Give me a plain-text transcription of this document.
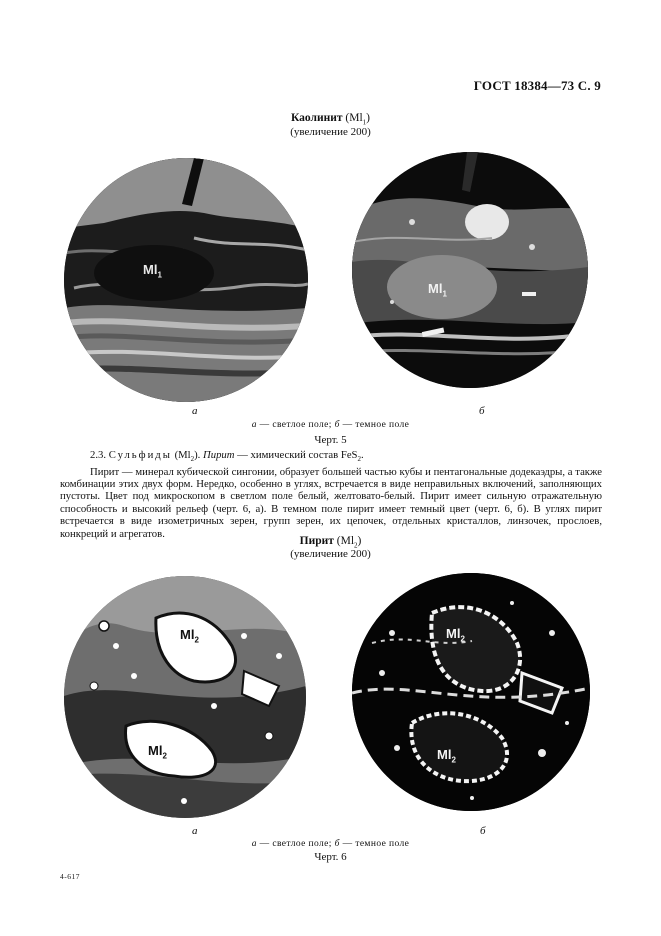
ГОСТ 18384—73 С. 9
Каолинит $(Ml_1)$
(увеличение 200)
$Ml_1$
$Ml_1$
а	б
а — светлое поле; б — темное поле
Черт. 5

2.3. Сульфиды $(Ml_2)$. Пирит — химический состав FeS$_2$.

Пирит — минерал кубической сингонии, образует большей частью кубы и пентагональные додекаэдры, а также комбинации этих двух форм. Нередко, особенно в углях, встречается в виде неправильных включений, заполняющих пустоты. Цвет под микроскопом в светлом поле белый, желтовато-белый. Пирит имеет сильную отражательную способность и высокий рельеф (черт. 6, а). В темном поле пирит имеет темный цвет (черт. 6, б). В углях пирит встречается в виде изометричных зерен, групп зерен, их цепочек, отдельных кристаллов, линзочек, прослоев, конкреций и агрегатов.

Пирит $(Ml_2)$
(увеличение 200)
$Ml_2$
$Ml_2$
$Ml_2$
$Ml_2$
а	б
а — светлое поле; б — темное поле
Черт. 6
4-617
